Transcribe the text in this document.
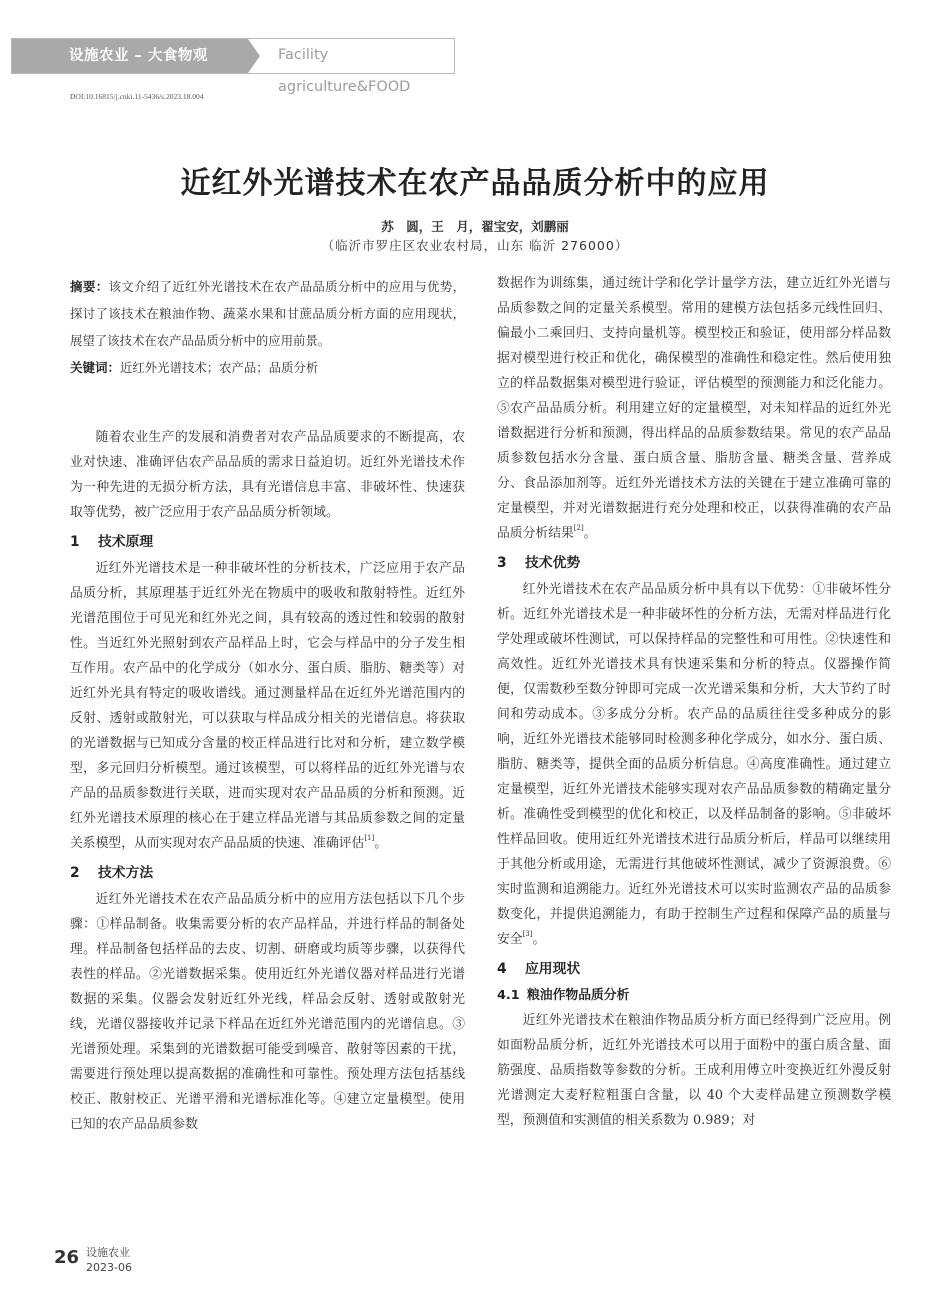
设施农业 – 大食物观	Facility agriculture&FOOD
DOI:10.16815/j.cnki.11-5436/s.2023.18.004
近红外光谱技术在农产品品质分析中的应用
苏　圆，王　月，翟宝安，刘鹏丽
（临沂市罗庄区农业农村局，山东 临沂 276000）

摘要：该文介绍了近红外光谱技术在农产品品质分析中的应用与优势，探讨了该技术在粮油作物、蔬菜水果和甘蔗品质分析方面的应用现状，展望了该技术在农产品品质分析中的应用前景。

关键词：近红外光谱技术；农产品；品质分析

随着农业生产的发展和消费者对农产品品质要求的不断提高，农业对快速、准确评估农产品品质的需求日益迫切。近红外光谱技术作为一种先进的无损分析方法，具有光谱信息丰富、非破坏性、快速获取等优势，被广泛应用于农产品品质分析领域。

1 技术原理

近红外光谱技术是一种非破坏性的分析技术，广泛应用于农产品品质分析，其原理基于近红外光在物质中的吸收和散射特性。近红外光谱范围位于可见光和红外光之间，具有较高的透过性和较弱的散射性。当近红外光照射到农产品样品上时，它会与样品中的分子发生相互作用。农产品中的化学成分（如水分、蛋白质、脂肪、糖类等）对近红外光具有特定的吸收谱线。通过测量样品在近红外光谱范围内的反射、透射或散射光，可以获取与样品成分相关的光谱信息。将获取的光谱数据与已知成分含量的校正样品进行比对和分析，建立数学模型，多元回归分析模型。通过该模型，可以将样品的近红外光谱与农产品的品质参数进行关联，进而实现对农产品品质的分析和预测。近红外光谱技术原理的核心在于建立样品光谱与其品质参数之间的定量关系模型，从而实现对农产品品质的快速、准确评估[1]。

2 技术方法

近红外光谱技术在农产品品质分析中的应用方法包括以下几个步骤：①样品制备。收集需要分析的农产品样品，并进行样品的制备处理。样品制备包括样品的去皮、切割、研磨或均质等步骤，以获得代表性的样品。②光谱数据采集。使用近红外光谱仪器对样品进行光谱数据的采集。仪器会发射近红外光线，样品会反射、透射或散射光线，光谱仪器接收并记录下样品在近红外光谱范围内的光谱信息。③光谱预处理。采集到的光谱数据可能受到噪音、散射等因素的干扰，需要进行预处理以提高数据的准确性和可靠性。预处理方法包括基线校正、散射校正、光谱平滑和光谱标准化等。④建立定量模型。使用已知的农产品品质参数

数据作为训练集，通过统计学和化学计量学方法，建立近红外光谱与品质参数之间的定量关系模型。常用的建模方法包括多元线性回归、偏最小二乘回归、支持向量机等。模型校正和验证，使用部分样品数据对模型进行校正和优化，确保模型的准确性和稳定性。然后使用独立的样品数据集对模型进行验证，评估模型的预测能力和泛化能力。⑤农产品品质分析。利用建立好的定量模型，对未知样品的近红外光谱数据进行分析和预测，得出样品的品质参数结果。常见的农产品品质参数包括水分含量、蛋白质含量、脂肪含量、糖类含量、营养成分、食品添加剂等。近红外光谱技术方法的关键在于建立准确可靠的定量模型，并对光谱数据进行充分处理和校正，以获得准确的农产品品质分析结果[2]。

3 技术优势

红外光谱技术在农产品品质分析中具有以下优势：①非破坏性分析。近红外光谱技术是一种非破坏性的分析方法，无需对样品进行化学处理或破坏性测试，可以保持样品的完整性和可用性。②快速性和高效性。近红外光谱技术具有快速采集和分析的特点。仪器操作简便，仅需数秒至数分钟即可完成一次光谱采集和分析，大大节约了时间和劳动成本。③多成分分析。农产品的品质往往受多种成分的影响，近红外光谱技术能够同时检测多种化学成分，如水分、蛋白质、脂肪、糖类等，提供全面的品质分析信息。④高度准确性。通过建立定量模型，近红外光谱技术能够实现对农产品品质参数的精确定量分析。准确性受到模型的优化和校正，以及样品制备的影响。⑤非破坏性样品回收。使用近红外光谱技术进行品质分析后，样品可以继续用于其他分析或用途，无需进行其他破坏性测试，减少了资源浪费。⑥实时监测和追溯能力。近红外光谱技术可以实时监测农产品的品质参数变化，并提供追溯能力，有助于控制生产过程和保障产品的质量与安全[3]。

4 应用现状
4.1 粮油作物品质分析

近红外光谱技术在粮油作物品质分析方面已经得到广泛应用。例如面粉品质分析，近红外光谱技术可以用于面粉中的蛋白质含量、面筋强度、品质指数等参数的分析。王成利用傅立叶变换近红外漫反射光谱测定大麦籽粒粗蛋白含量，以 40 个大麦样品建立预测数学模型，预测值和实测值的相关系数为 0.989；对

26 设施农业
2023-06
